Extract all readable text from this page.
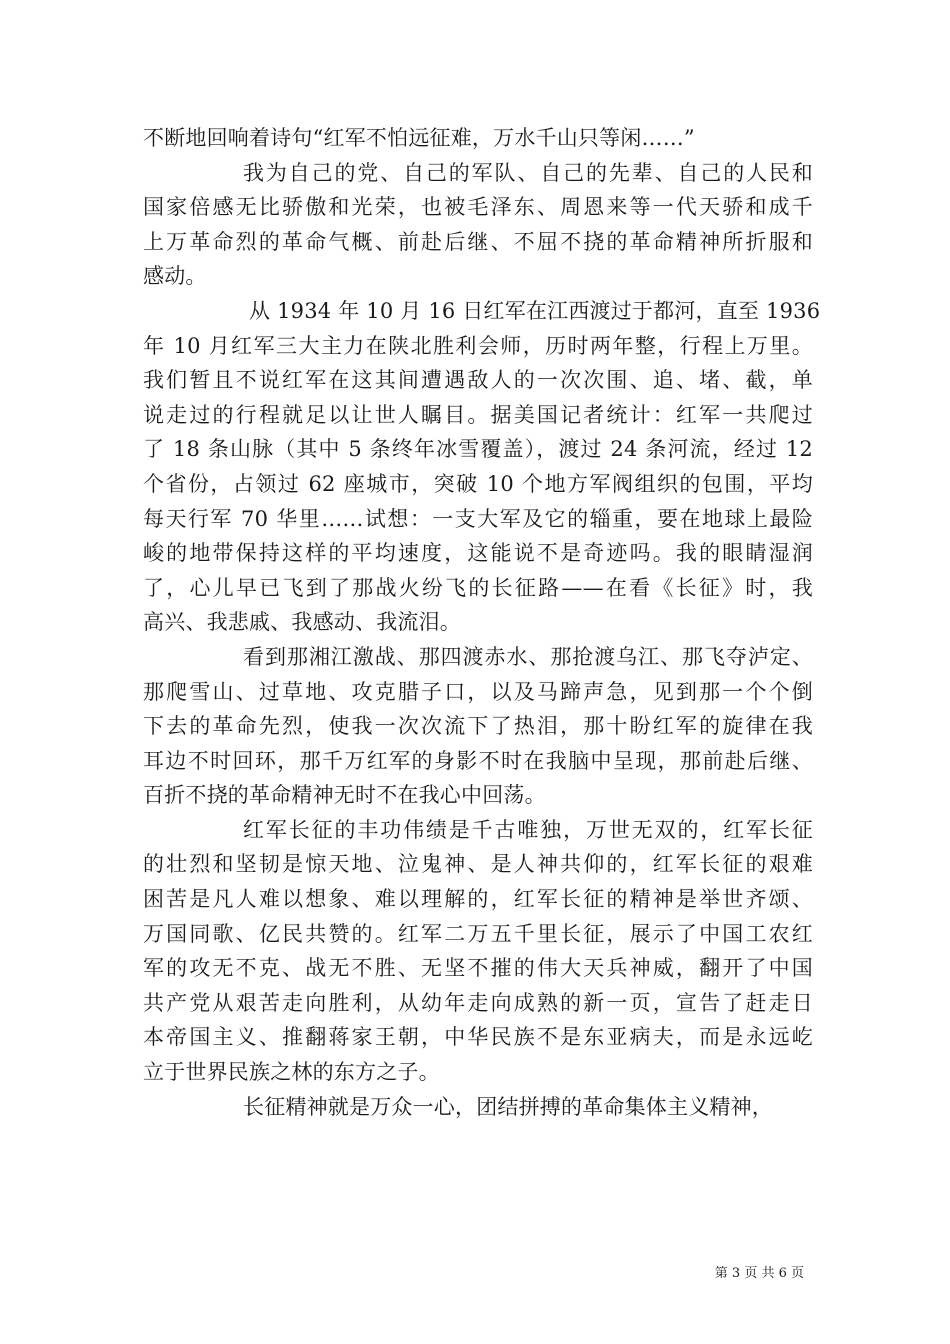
不断地回响着诗句“红军不怕远征难，万水千山只等闲……”
我为自己的党、自己的军队、自己的先辈、自己的人民和
国家倍感无比骄傲和光荣，也被毛泽东、周恩来等一代天骄和成千
上万革命烈的革命气概、前赴后继、不屈不挠的革命精神所折服和
感动。
从 1934 年 10 月 16 日红军在江西渡过于都河，直至 1936
年 10 月红军三大主力在陕北胜利会师，历时两年整，行程上万里。
我们暂且不说红军在这其间遭遇敌人的一次次围、追、堵、截，单
说走过的行程就足以让世人瞩目。据美国记者统计：红军一共爬过
了 18 条山脉（其中 5 条终年冰雪覆盖），渡过 24 条河流，经过 12
个省份，占领过 62 座城市，突破 10 个地方军阀组织的包围，平均
每天行军 70 华里……试想：一支大军及它的辎重，要在地球上最险
峻的地带保持这样的平均速度，这能说不是奇迹吗。我的眼睛湿润
了，心儿早已飞到了那战火纷飞的长征路——在看《长征》时，我
高兴、我悲戚、我感动、我流泪。
看到那湘江激战、那四渡赤水、那抢渡乌江、那飞夺泸定、
那爬雪山、过草地、攻克腊子口，以及马蹄声急，见到那一个个倒
下去的革命先烈，使我一次次流下了热泪，那十盼红军的旋律在我
耳边不时回环，那千万红军的身影不时在我脑中呈现，那前赴后继、
百折不挠的革命精神无时不在我心中回荡。
红军长征的丰功伟绩是千古唯独，万世无双的，红军长征
的壮烈和坚韧是惊天地、泣鬼神、是人神共仰的，红军长征的艰难
困苦是凡人难以想象、难以理解的，红军长征的精神是举世齐颂、
万国同歌、亿民共赞的。红军二万五千里长征，展示了中国工农红
军的攻无不克、战无不胜、无坚不摧的伟大天兵神威，翻开了中国
共产党从艰苦走向胜利，从幼年走向成熟的新一页，宣告了赶走日
本帝国主义、推翻蒋家王朝，中华民族不是东亚病夫，而是永远屹
立于世界民族之林的东方之子。
长征精神就是万众一心，团结拼搏的革命集体主义精神，
第 3 页 共 6 页
